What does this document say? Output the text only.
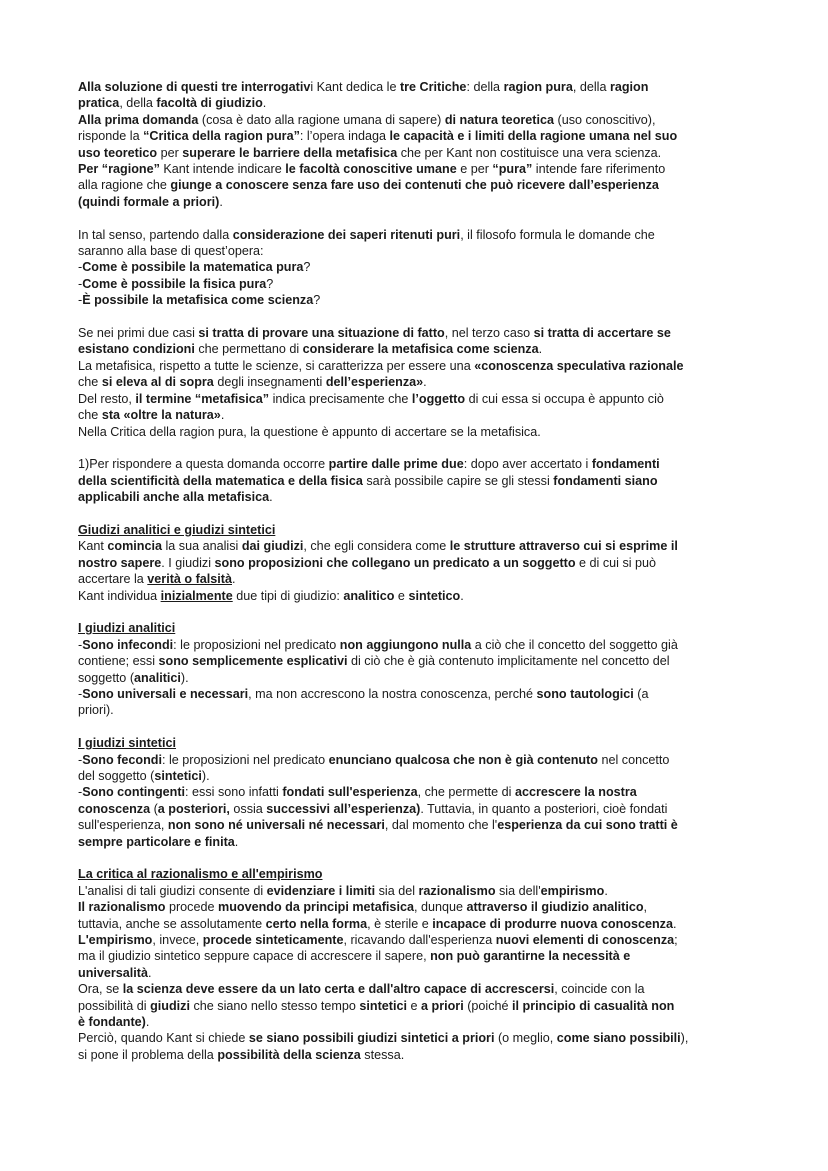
Alla soluzione di questi tre interrogativi Kant dedica le tre Critiche: della ragion pura, della ragion
pratica, della facoltà di giudizio.
Alla prima domanda (cosa è dato alla ragione umana di sapere) di natura teoretica (uso conoscitivo),
risponde la “Critica della ragion pura”: l’opera indaga le capacità e i limiti della ragione umana nel suo
uso teoretico per superare le barriere della metafisica che per Kant non costituisce una vera scienza.
Per “ragione” Kant intende indicare le facoltà conoscitive umane e per “pura” intende fare riferimento
alla ragione che giunge a conoscere senza fare uso dei contenuti che può ricevere dall’esperienza
(quindi formale a priori).
In tal senso, partendo dalla considerazione dei saperi ritenuti puri, il filosofo formula le domande che
saranno alla base di quest’opera:
-Come è possibile la matematica pura?
-Come è possibile la fisica pura?
-È possibile la metafisica come scienza?
Se nei primi due casi si tratta di provare una situazione di fatto, nel terzo caso si tratta di accertare se
esistano condizioni che permettano di considerare la metafisica come scienza.
La metafisica, rispetto a tutte le scienze, si caratterizza per essere una «conoscenza speculativa razionale
che si eleva al di sopra degli insegnamenti dell’esperienza».
Del resto, il termine “metafisica” indica precisamente che l’oggetto di cui essa si occupa è appunto ciò
che sta «oltre la natura».
Nella Critica della ragion pura, la questione è appunto di accertare se la metafisica.
1)Per rispondere a questa domanda occorre partire dalle prime due: dopo aver accertato i fondamenti
della scientificità della matematica e della fisica sarà possibile capire se gli stessi fondamenti siano
applicabili anche alla metafisica.
Giudizi analitici e giudizi sintetici
Kant comincia la sua analisi dai giudizi, che egli considera come le strutture attraverso cui si esprime il
nostro sapere. I giudizi sono proposizioni che collegano un predicato a un soggetto e di cui si può
accertare la verità o falsità.
Kant individua inizialmente due tipi di giudizio: analitico e sintetico.
I giudizi analitici
-Sono infecondi: le proposizioni nel predicato non aggiungono nulla a ciò che il concetto del soggetto già
contiene; essi sono semplicemente esplicativi di ciò che è già contenuto implicitamente nel concetto del
soggetto (analitici).
-Sono universali e necessari, ma non accrescono la nostra conoscenza, perché sono tautologici (a
priori).
I giudizi sintetici
-Sono fecondi: le proposizioni nel predicato enunciano qualcosa che non è già contenuto nel concetto
del soggetto (sintetici).
-Sono contingenti: essi sono infatti fondati sull'esperienza, che permette di accrescere la nostra
conoscenza (a posteriori, ossia successivi all’esperienza). Tuttavia, in quanto a posteriori, cioè fondati
sull'esperienza, non sono né universali né necessari, dal momento che l'esperienza da cui sono tratti è
sempre particolare e finita.
La critica al razionalismo e all'empirismo
L'analisi di tali giudizi consente di evidenziare i limiti sia del razionalismo sia dell'empirismo.
Il razionalismo procede muovendo da principi metafisica, dunque attraverso il giudizio analitico,
tuttavia, anche se assolutamente certo nella forma, è sterile e incapace di produrre nuova conoscenza.
L'empirismo, invece, procede sinteticamente, ricavando dall'esperienza nuovi elementi di conoscenza;
ma il giudizio sintetico seppure capace di accrescere il sapere, non può garantirne la necessità e
universalità.
Ora, se la scienza deve essere da un lato certa e dall'altro capace di accrescersi, coincide con la
possibilità di giudizi che siano nello stesso tempo sintetici e a priori (poiché il principio di casualità non
è fondante).
Perciò, quando Kant si chiede se siano possibili giudizi sintetici a priori (o meglio, come siano possibili),
si pone il problema della possibilità della scienza stessa.
